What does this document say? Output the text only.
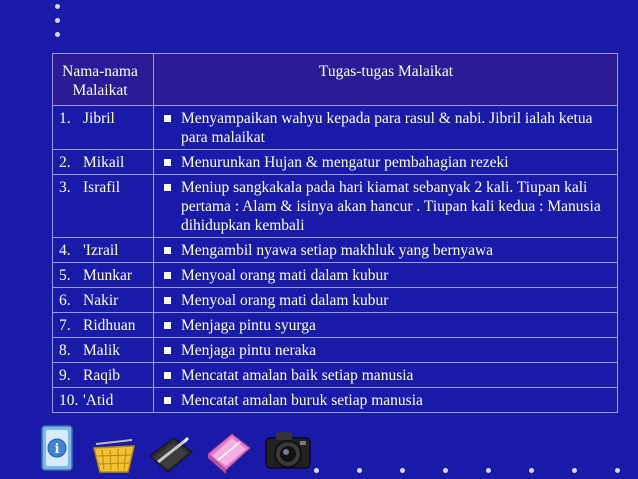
Nama-nama Malaikat	Tugas-tugas Malaikat
1. Jibril	Menyampaikan wahyu kepada para rasul & nabi. Jibril ialah ketua para malaikat

2. Mikail	Menurunkan Hujan & mengatur pembahagian rezeki

3. Israfil	Meniup sangkakala pada hari kiamat sebanyak 2 kali. Tiupan kali pertama : Alam & isinya akan hancur . Tiupan kali kedua : Manusia dihidupkan kembali

4. 'Izrail	Mengambil nyawa setiap makhluk yang bernyawa

5. Munkar	Menyoal orang mati dalam kubur

6. Nakir	Menyoal orang mati dalam kubur

7. Ridhuan	Menjaga pintu syurga

8. Malik	Menjaga pintu neraka

9. Raqib	Mencatat amalan baik setiap manusia

10. 'Atid	Mencatat amalan buruk setiap manusia
i
